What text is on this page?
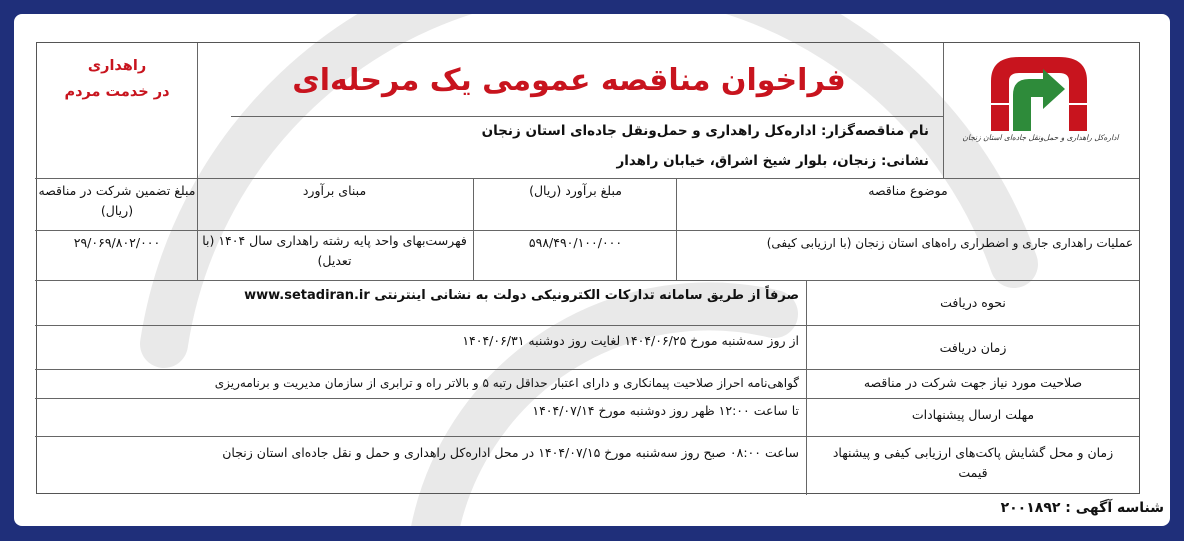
اداره‌کل راهداری و حمل‌ونقل جاده‌ای استان زنجان
فراخوان مناقصه عمومی یک مرحله‌ای
راهداری
در خدمت مردم
نام مناقصه‌گزار: اداره‌کل راهداری و حمل‌ونقل جاده‌ای استان زنجان
نشانی: زنجان، بلوار شیخ اشراق، خیابان راهدار
موضوع مناقصه
مبلغ برآورد (ریال)
مبنای برآورد
مبلغ تضمین شرکت در مناقصه (ریال)
عملیات راهداری جاری و اضطراری راه‌های استان زنجان (با ارزیابی کیفی)
۵۹۸/۴۹۰/۱۰۰/۰۰۰
فهرست‌بهای واحد پایه رشته راهداری سال ۱۴۰۴ (با تعدیل)
۲۹/۰۶۹/۸۰۲/۰۰۰
نحوه دریافت
صرفاً از طریق سامانه تدارکات الکترونیکی دولت به نشانی اینترنتی www.setadiran.ir
زمان دریافت
از روز سه‌شنبه مورخ ۱۴۰۴/۰۶/۲۵ لغایت روز دوشنبه ۱۴۰۴/۰۶/۳۱
صلاحیت مورد نیاز جهت شرکت در مناقصه
گواهی‌نامه احراز صلاحیت پیمانکاری و دارای اعتبار حداقل رتبه ۵ و بالاتر راه و ترابری از سازمان مدیریت و برنامه‌ریزی
مهلت ارسال پیشنهادات
تا ساعت ۱۲:۰۰ ظهر روز دوشنبه مورخ ۱۴۰۴/۰۷/۱۴
زمان و محل گشایش پاکت‌های ارزیابی کیفی و پیشنهاد قیمت
ساعت ۰۸:۰۰ صبح روز سه‌شنبه مورخ ۱۴۰۴/۰۷/۱۵ در محل اداره‌کل راهداری و حمل و نقل جاده‌ای استان زنجان
شناسه آگهی : ۲۰۰۱۸۹۲
